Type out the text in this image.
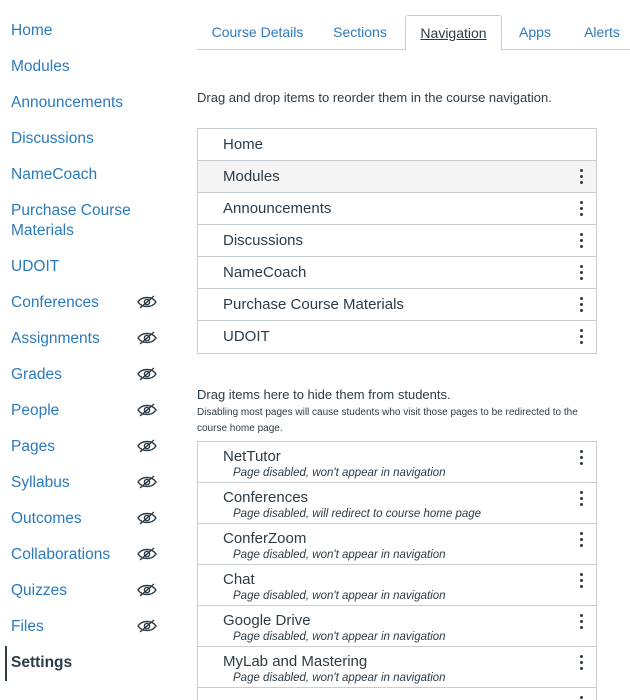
Home
Modules
Announcements
Discussions
NameCoach
Purchase Course Materials
UDOIT
Conferences
Assignments
Grades
People
Pages
Syllabus
Outcomes
Collaborations
Quizzes
Files
Settings
Course Details	Sections	Navigation	Apps	Alerts
Drag and drop items to reorder them in the course navigation.
Home
Modules
Announcements
Discussions
NameCoach
Purchase Course Materials
UDOIT
Drag items here to hide them from students.
Disabling most pages will cause students who visit those pages to be redirected to the course home page.
NetTutor
Page disabled, won't appear in navigation
Conferences
Page disabled, will redirect to course home page
ConferZoom
Page disabled, won't appear in navigation
Chat
Page disabled, won't appear in navigation
Google Drive
Page disabled, won't appear in navigation
MyLab and Mastering
Page disabled, won't appear in navigation
